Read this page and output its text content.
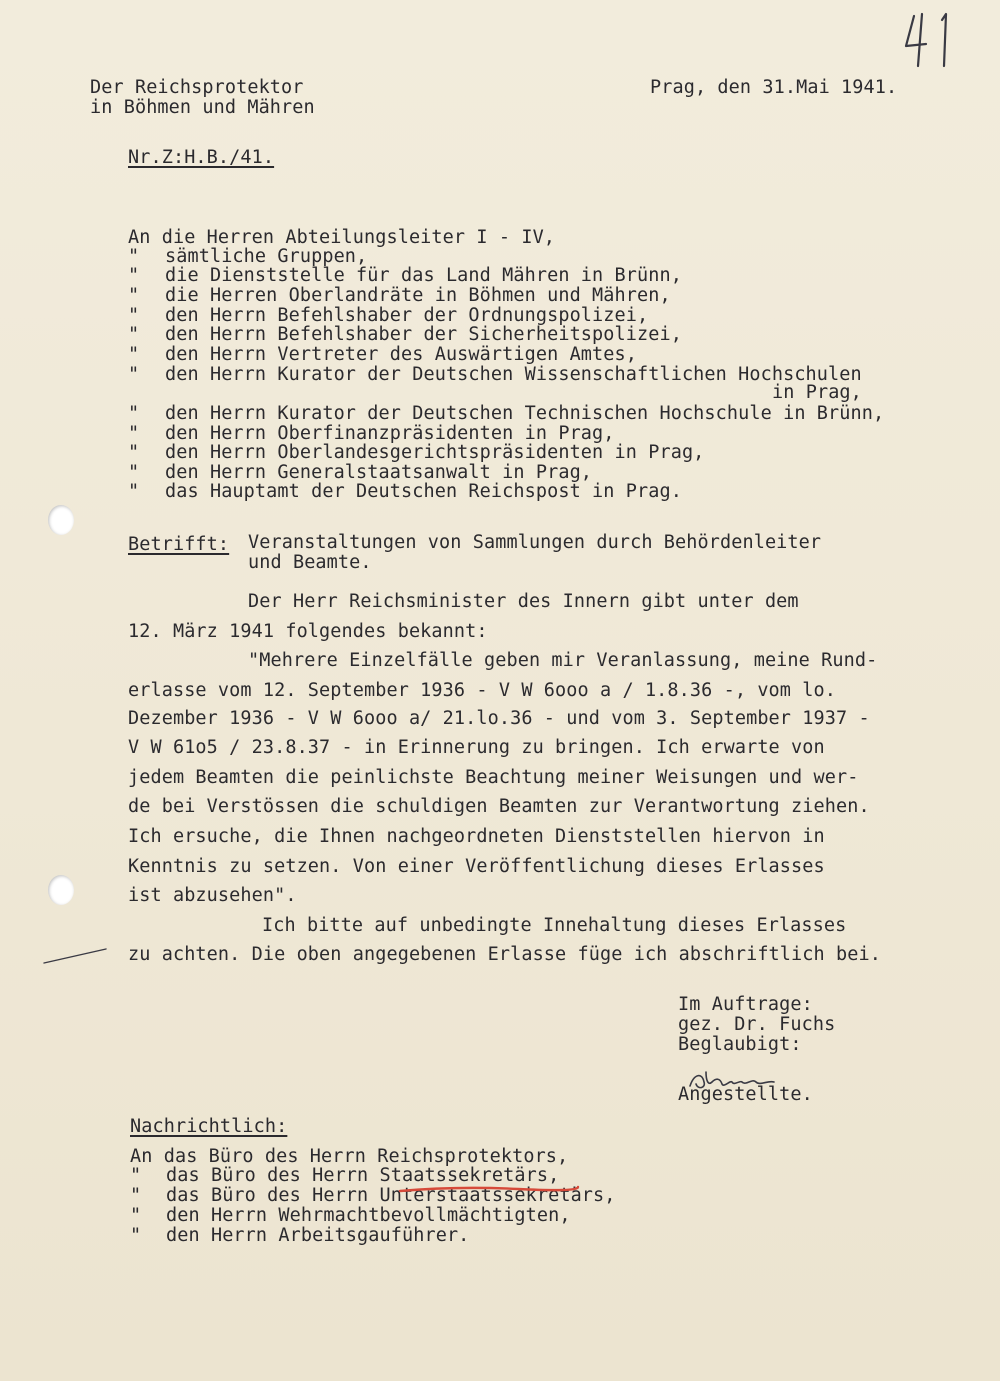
Der Reichsprotektor
in Böhmen und Mähren
Prag, den 31.Mai 1941.
Nr.Z:H.B./41.
An die Herren Abteilungsleiter I - IV,
" sämtliche Gruppen,
" die Dienststelle für das Land Mähren in Brünn,
" die Herren Oberlandräte in Böhmen und Mähren,
" den Herrn Befehlshaber der Ordnungspolizei,
" den Herrn Befehlshaber der Sicherheitspolizei,
" den Herrn Vertreter des Auswärtigen Amtes,
" den Herrn Kurator der Deutschen Wissenschaftlichen Hochschulen
in Prag,
" den Herrn Kurator der Deutschen Technischen Hochschule in Brünn,
" den Herrn Oberfinanzpräsidenten in Prag,
" den Herrn Oberlandesgerichtspräsidenten in Prag,
" den Herrn Generalstaatsanwalt in Prag,
" das Hauptamt der Deutschen Reichspost in Prag.
Betrifft: Veranstaltungen von Sammlungen durch Behördenleiter
und Beamte.
Der Herr Reichsminister des Innern gibt unter dem
12. März 1941 folgendes bekannt:
"Mehrere Einzelfälle geben mir Veranlassung, meine Rund-
erlasse vom 12. September 1936 - V W 6ooo a / 1.8.36 -, vom lo.
Dezember 1936 - V W 6ooo a/ 21.lo.36 - und vom 3. September 1937 -
V W 61o5 / 23.8.37 - in Erinnerung zu bringen. Ich erwarte von
jedem Beamten die peinlichste Beachtung meiner Weisungen und wer-
de bei Verstössen die schuldigen Beamten zur Verantwortung ziehen.
Ich ersuche, die Ihnen nachgeordneten Dienststellen hiervon in
Kenntnis zu setzen. Von einer Veröffentlichung dieses Erlasses
ist abzusehen".
Ich bitte auf unbedingte Innehaltung dieses Erlasses
zu achten. Die oben angegebenen Erlasse füge ich abschriftlich bei.
Im Auftrage:
gez. Dr. Fuchs
Beglaubigt:
Angestellte.
Nachrichtlich:
An das Büro des Herrn Reichsprotektors,
" das Büro des Herrn Staatssekretärs,
" das Büro des Herrn Unterstaatssekretärs,
" den Herrn Wehrmachtbevollmächtigten,
" den Herrn Arbeitsgauführer.
